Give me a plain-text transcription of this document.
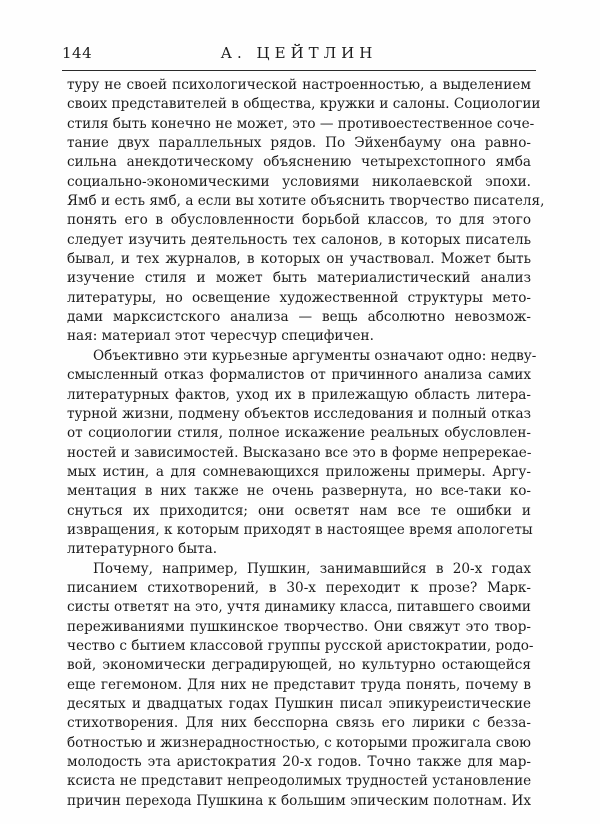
144	А. ЦЕЙТЛИН
туру не своей психологической настроенностью, а выделением
своих представителей в общества, кружки и салоны. Социологии
стиля быть конечно не может, это — противоестественное соче-
тание двух параллельных рядов. По Эйхенбауму она равно-
сильна анекдотическому объяснению четырехстопного ямба
социально-экономическими условиями николаевской эпохи.
Ямб и есть ямб, а если вы хотите объяснить творчество писателя,
понять его в обусловленности борьбой классов, то для этого
следует изучить деятельность тех салонов, в которых писатель
бывал, и тех журналов, в которых он участвовал. Может быть
изучение стиля и может быть материалистический анализ
литературы, но освещение художественной структуры мето-
дами марксистского анализа — вещь абсолютно невозмож-
ная: материал этот чересчур специфичен.
Объективно эти курьезные аргументы означают одно: недву-
смысленный отказ формалистов от причинного анализа самих
литературных фактов, уход их в прилежащую область литера-
турной жизни, подмену объектов исследования и полный отказ
от социологии стиля, полное искажение реальных обусловлен-
ностей и зависимостей. Высказано все это в форме непререкае-
мых истин, а для сомневающихся приложены примеры. Аргу-
ментация в них также не очень развернута, но все-таки ко-
снуться их приходится; они осветят нам все те ошибки и
извращения, к которым приходят в настоящее время апологеты
литературного быта.
Почему, например, Пушкин, занимавшийся в 20-х годах
писанием стихотворений, в 30-х переходит к прозе? Марк-
систы ответят на это, учтя динамику класса, питавшего своими
переживаниями пушкинское творчество. Они свяжут это твор-
чество с бытием классовой группы русской аристократии, родо-
вой, экономически деградирующей, но культурно остающейся
еще гегемоном. Для них не представит труда понять, почему в
десятых и двадцатых годах Пушкин писал эпикуреистические
стихотворения. Для них бесспорна связь его лирики с беззa-
ботностью и жизнерадностностью, с которыми прожигала свою
молодость эта аристократия 20-х годов. Точно также для мар-
ксиста не представит непреодолимых трудностей установление
причин перехода Пушкина к большим эпическим полотнам. Их
